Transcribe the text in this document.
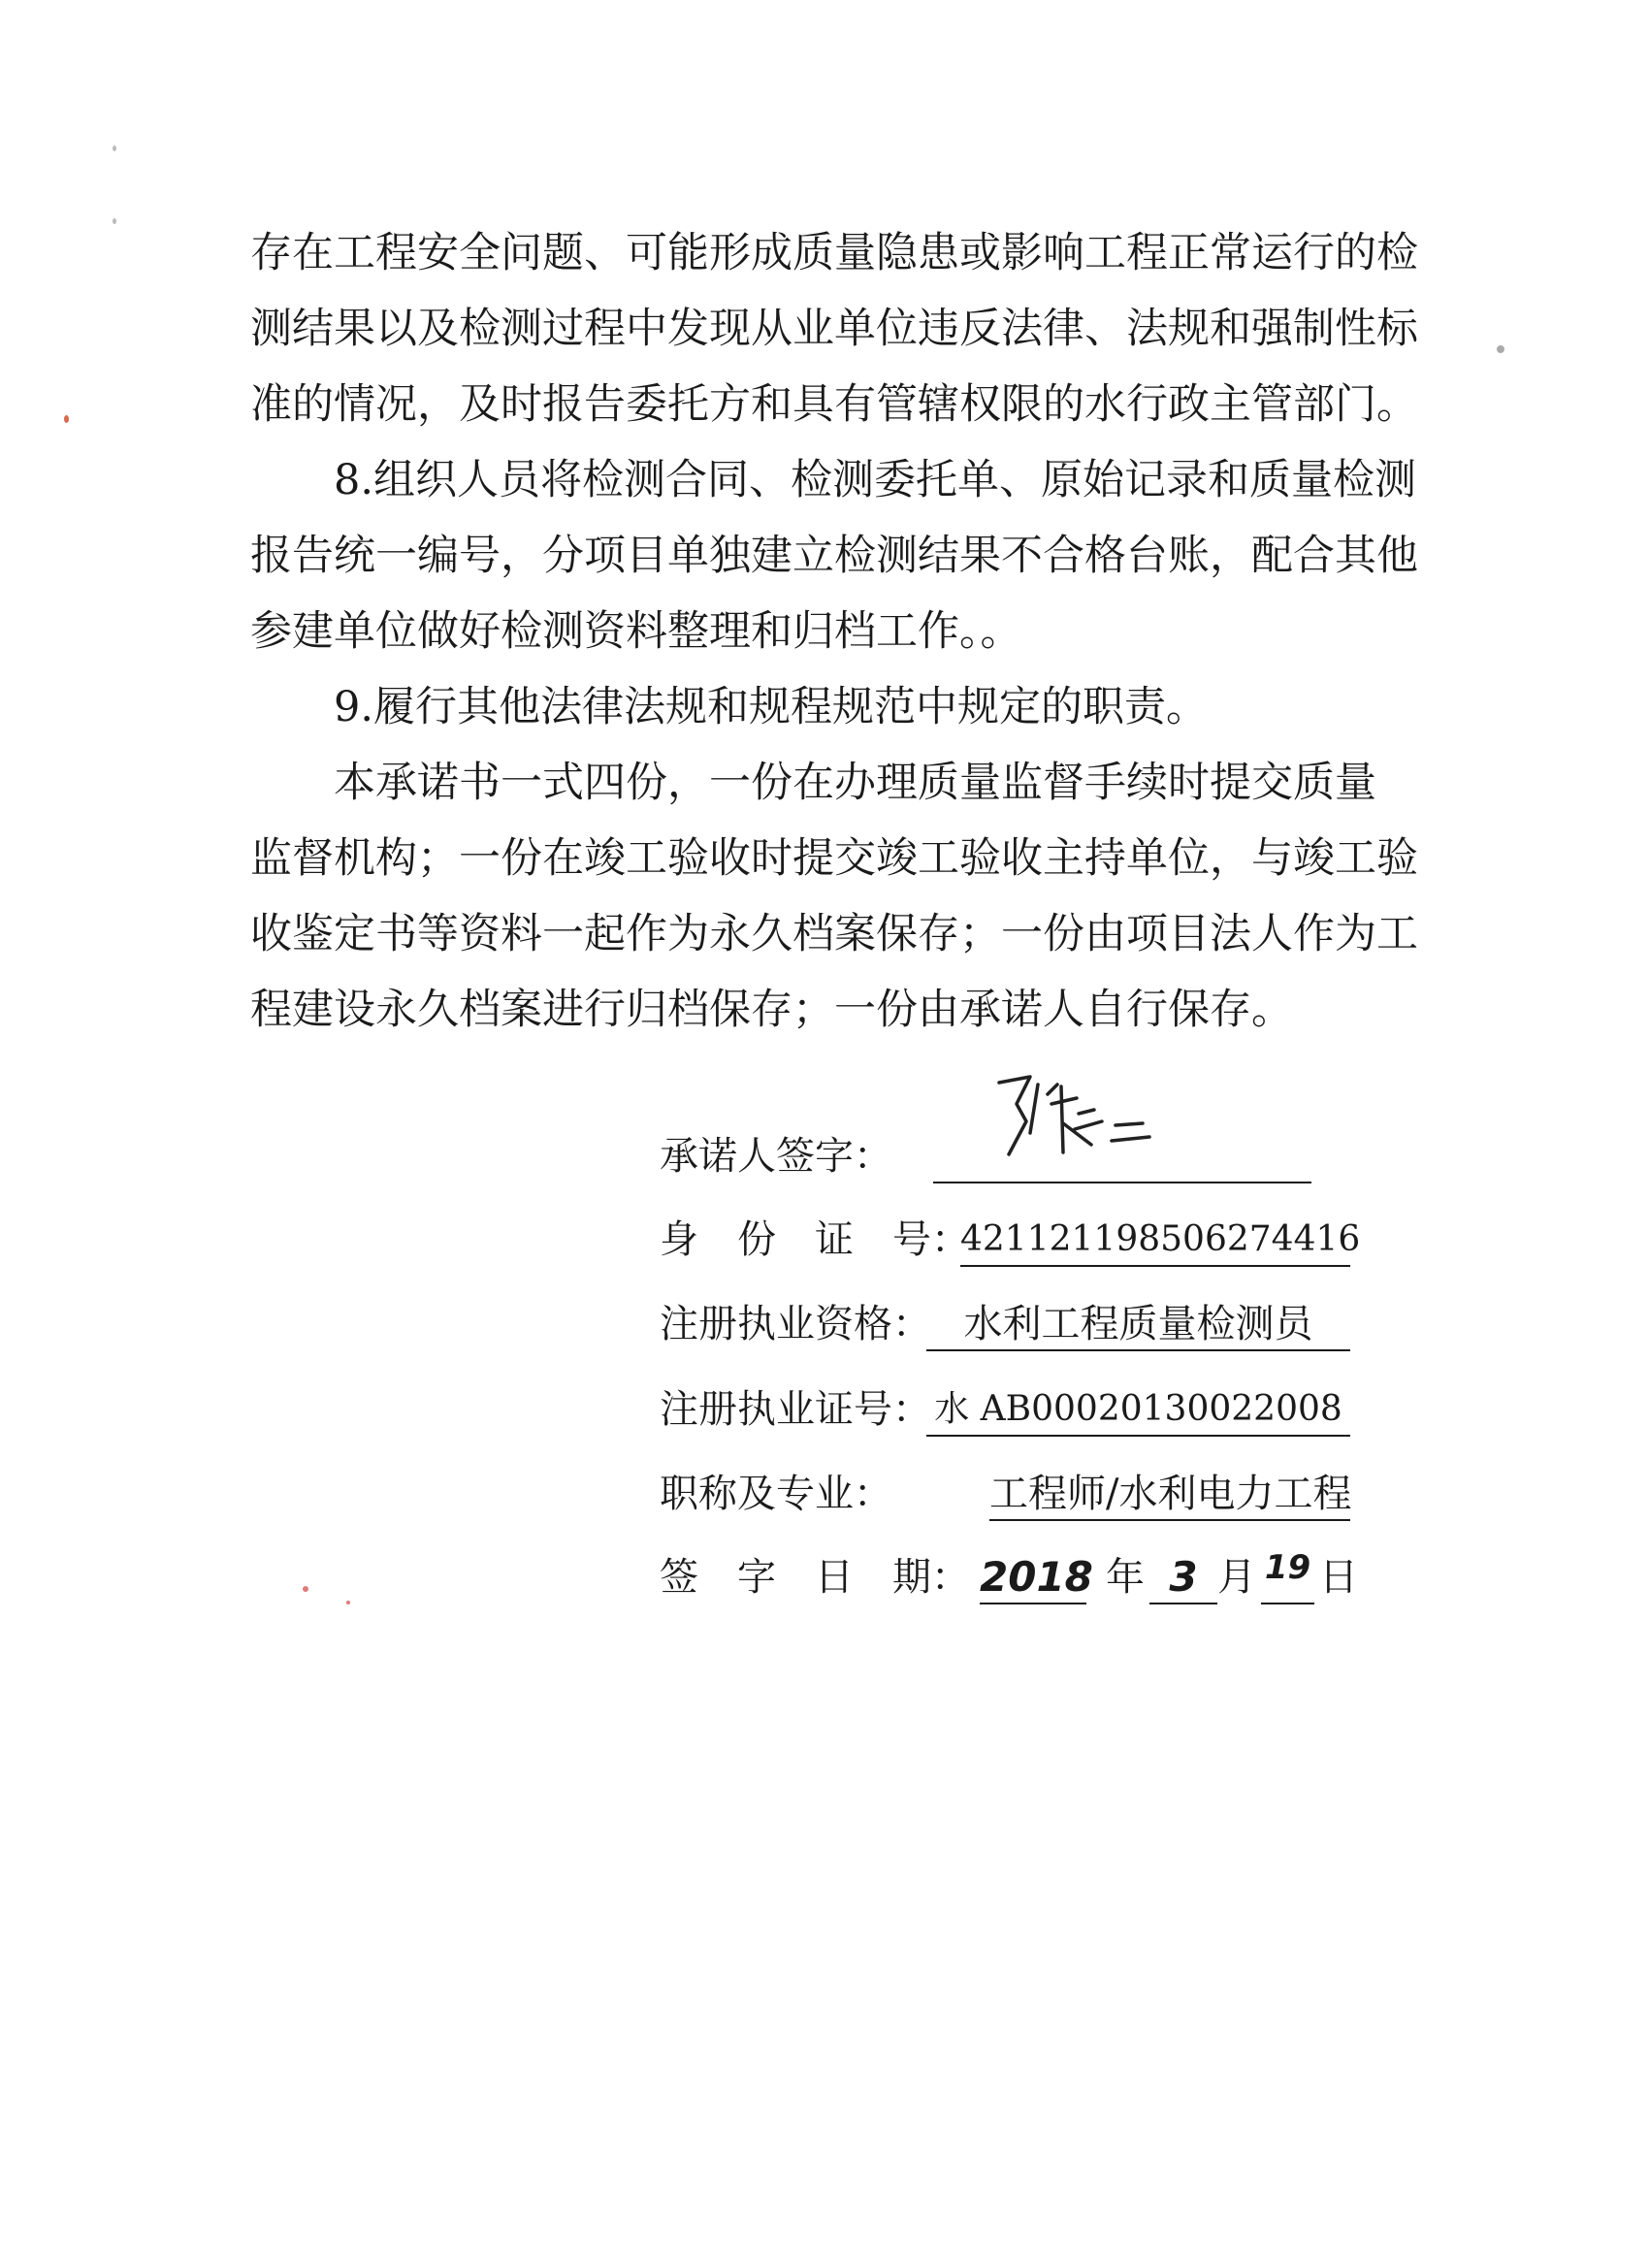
存在工程安全问题、可能形成质量隐患或影响工程正常运行的检
测结果以及检测过程中发现从业单位违反法律、法规和强制性标
准的情况，及时报告委托方和具有管辖权限的水行政主管部门。
　　8.组织人员将检测合同、检测委托单、原始记录和质量检测
报告统一编号，分项目单独建立检测结果不合格台账，配合其他
参建单位做好检测资料整理和归档工作。。
　　9.履行其他法律法规和规程规范中规定的职责。
　　本承诺书一式四份，一份在办理质量监督手续时提交质量
监督机构；一份在竣工验收时提交竣工验收主持单位，与竣工验
收鉴定书等资料一起作为永久档案保存；一份由项目法人作为工
程建设永久档案进行归档保存；一份由承诺人自行保存。
承诺人签字：
身　份　证　号：
421121198506274416
注册执业资格： 水利工程质量检测员
注册执业证号： 水 AB00020130022008
职称及专业：	工程师/水利电力工程
签　字　日　期： 2018 年 3 月 19 日
